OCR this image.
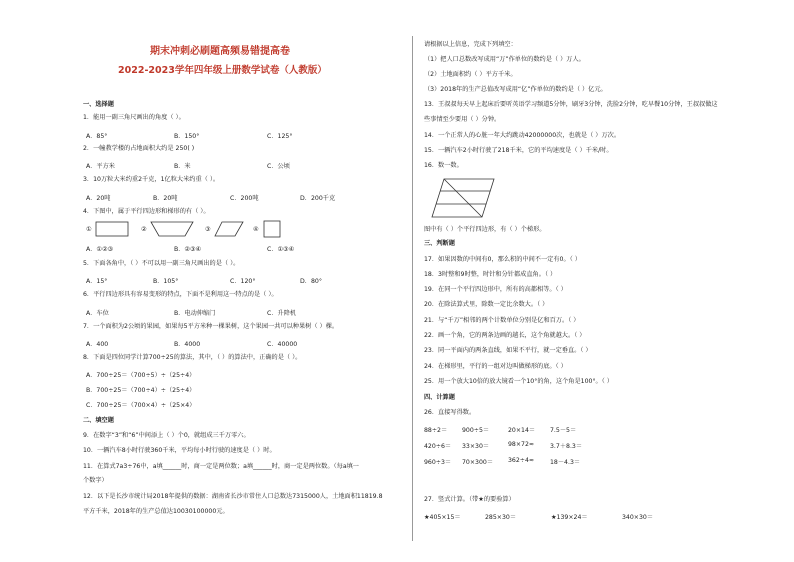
期末冲刺必刷题高频易错提高卷
2022-2023学年四年级上册数学试卷（人教版）
一、选择题
1．能用一副三角尺画出的角度（ ）。
A．85°	B．150°	C．125°
2．一幢教学楼的占地面积大约是 250( )
A．平方米	B．米	C．公顷
3．10万粒大米约重2千克，1亿粒大米约重（ ）。
A．20吨	B．20吨	C．200吨	D．200千克
4．下图中，属于平行四边形和梯形的有（ ）。
①	②	③	④
A．①②③	B．②③④	C．①③④
5．下面各角中，（ ）不可以用一副三角尺画出的是（ ）。
A．15°	B．105°	C．120°	D．80°
6．平行四边形具有容易变形的特点，下面不是利用这一特点的是（ ）。
A．车位	B．电动伸缩门	C．升降机
7．一个面积为2公顷的果园，如果每5平方米种一棵果树，这个果园一共可以种果树（ ）棵。
A．400	B．4000	C．40000
8．下面是四位同学计算700÷25的算法，其中，（ ）的算法中，正确的是（ ）。
A．700÷25＝（700÷5）÷（25÷4）
B．700÷25＝（700÷4）÷（25÷4）
C．700÷25＝（700×4）÷（25×4）
二、填空题
9．在数字“3”和“6”中间添上（ ）个0，就组成三千万零六。
10．一辆汽车8小时行驶360千米，平均每小时行驶的速度是（ ）时。
11．在算式7a3÷76中，a填______时，商一定是两位数；a填______时，商一定是两位数。（每a填一
个数字）
12．以下是长沙市统计局2018年提供的数据：湖南省长沙市常住人口总数达7315000人，土地面积11819.8
平方千米，2018年的生产总值达10030100000元。
请根据以上信息，完成下列填空：
（1）把人口总数改写成用“万”作单位的数约是（ ）万人。
（2）土地面积约（ ）平方千米。
（3）2018年的生产总值改写成用“亿”作单位的数约是（ ）亿元。
13．王叔叔每天早上起床后要听英语学习频道5分钟，刷牙3分钟，洗脸2分钟，吃早餐10分钟，王叔叔做这
些事情至少要用（ ）分钟。
14．一个正常人的心脏一年大约跳动42000000次，也就是（ ）万次。
15．一辆汽车2小时行驶了218千米，它的平均速度是（ ）千米/时。
16．数一数。
图中有（ ）个平行四边形，有（ ）个梯形。
三、判断题
17．如果因数的中间有0，那么积的中间不一定有0。（ ）
18．3时整和9时整，时针和分针都成直角。（ ）
19．在同一个平行四边形中，所有的高都相等。（ ）
20．在除法算式里，除数一定比余数大。（ ）
21．与“千万”相邻的两个计数单位分别是亿和百万。（ ）
22．画一个角，它的两条边画的越长，这个角就越大。（ ）
23．同一平面内的两条直线，如果不平行，就一定垂直。（ ）
24．在梯形里，平行的一组对边叫做梯形的底。（ ）
25．用一个放大10倍的放大镜看一个10°的角，这个角是100°。（ ）
四、计算题
26．直接写得数。
88÷2＝ 900÷5＝	20×14＝ 7.5－5＝
420÷6＝ 33×30＝	98×72≈	3.7＋8.3＝
960÷3＝ 70×300＝ 362÷4≈	18－4.3＝
27．竖式计算。（带★的要验算）
★405×15＝	285×30＝	★139×24＝	340×30＝
